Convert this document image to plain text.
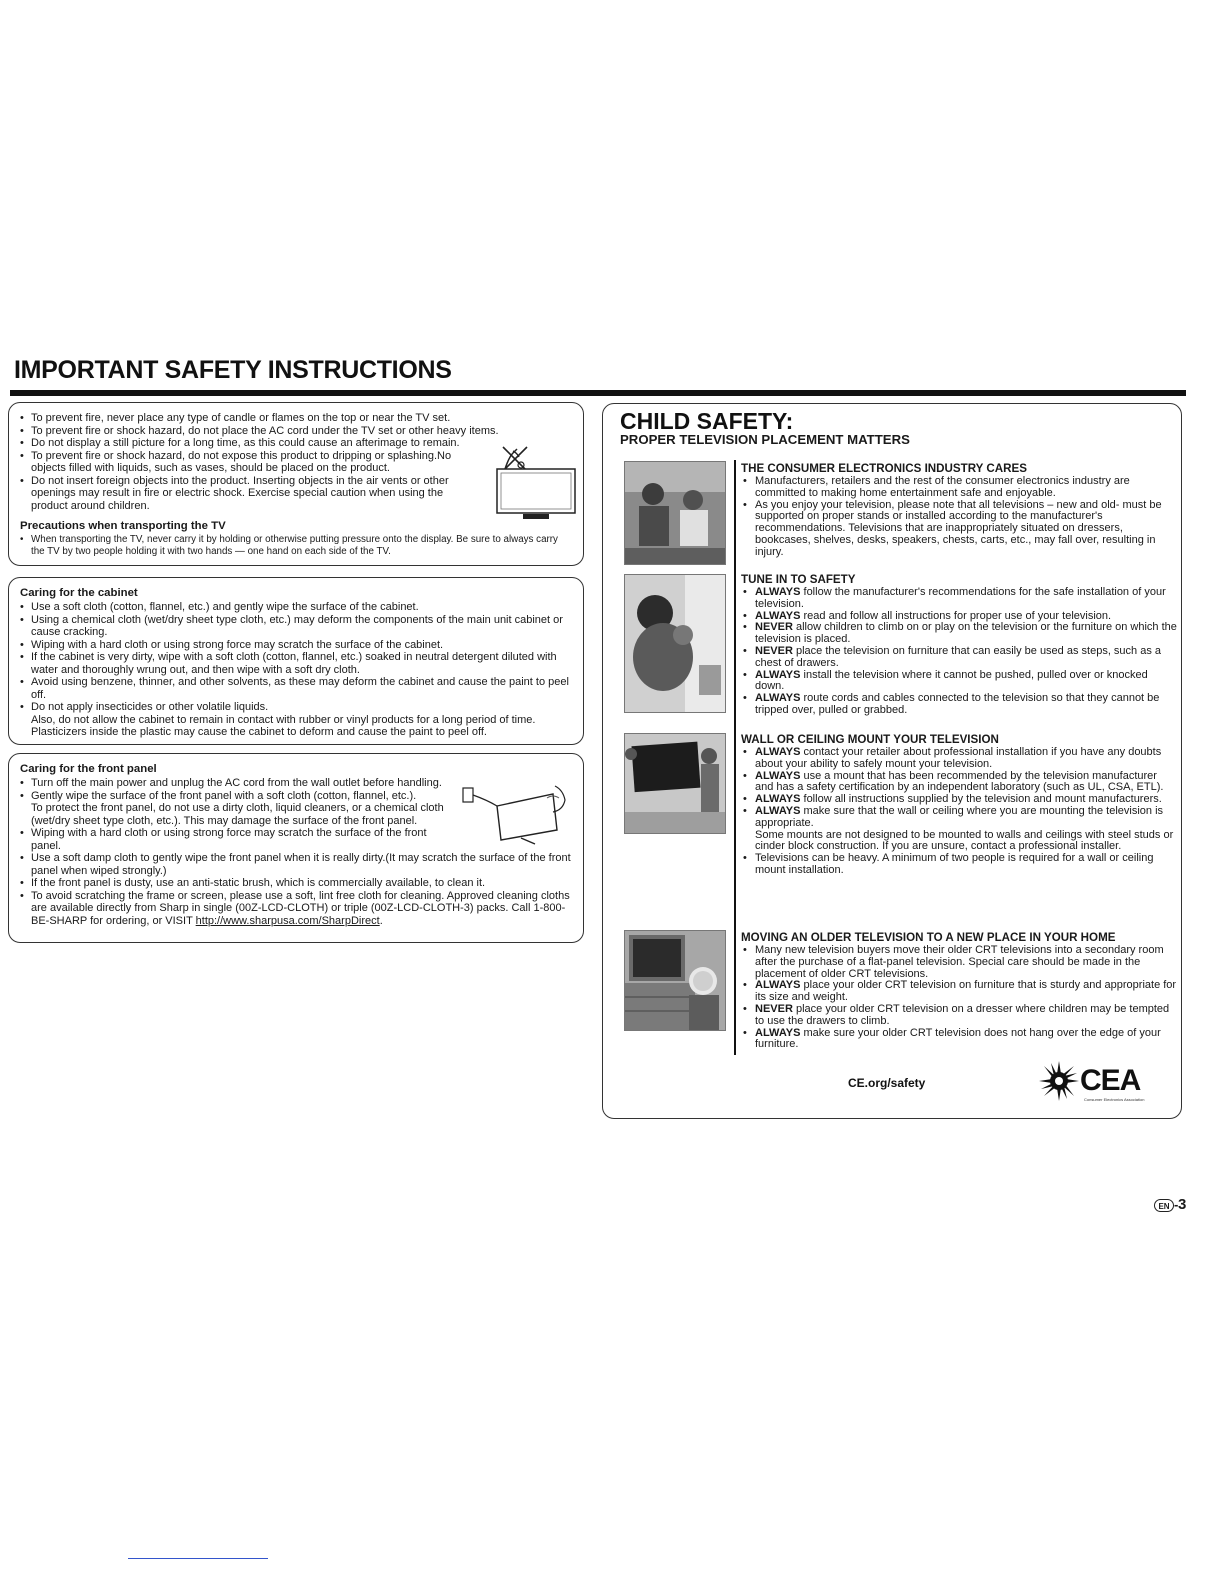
IMPORTANT SAFETY INSTRUCTIONS
• To prevent fire, never place any type of candle or flames on the top or near the TV set.
• To prevent fire or shock hazard, do not place the AC cord under the TV set or other heavy items.
• Do not display a still picture for a long time, as this could cause an afterimage to remain.
• To prevent fire or shock hazard, do not expose this product to dripping or splashing.No objects filled with liquids, such as vases, should be placed on the product.
• Do not insert foreign objects into the product. Inserting objects in the air vents or other openings may result in fire or electric shock. Exercise special caution when using the product around children.

Precautions when transporting the TV

• When transporting the TV, never carry it by holding or otherwise putting pressure onto the display. Be sure to always carry the TV by two people holding it with two hands — one hand on each side of the TV.

Caring for the cabinet

• Use a soft cloth (cotton, flannel, etc.) and gently wipe the surface of the cabinet.
• Using a chemical cloth (wet/dry sheet type cloth, etc.) may deform the components of the main unit cabinet or cause cracking.
• Wiping with a hard cloth or using strong force may scratch the surface of the cabinet.
• If the cabinet is very dirty, wipe with a soft cloth (cotton, flannel, etc.) soaked in neutral detergent diluted with water and thoroughly wrung out, and then wipe with a soft dry cloth.
• Avoid using benzene, thinner, and other solvents, as these may deform the cabinet and cause the paint to peel off.
• Do not apply insecticides or other volatile liquids.
Also, do not allow the cabinet to remain in contact with rubber or vinyl products for a long period of time. Plasticizers inside the plastic may cause the cabinet to deform and cause the paint to peel off.

Caring for the front panel

• Turn off the main power and unplug the AC cord from the wall outlet before handling.
• Gently wipe the surface of the front panel with a soft cloth (cotton, flannel, etc.).
To protect the front panel, do not use a dirty cloth, liquid cleaners, or a chemical cloth (wet/dry sheet type cloth, etc.). This may damage the surface of the front panel.
• Wiping with a hard cloth or using strong force may scratch the surface of the front panel.
• Use a soft damp cloth to gently wipe the front panel when it is really dirty.(It may scratch the surface of the front panel when wiped strongly.)
• If the front panel is dusty, use an anti-static brush, which is commercially available, to clean it.
• To avoid scratching the frame or screen, please use a soft, lint free cloth for cleaning. Approved cleaning cloths are available directly from Sharp in single (00Z-LCD-CLOTH) or triple (00Z-LCD-CLOTH-3) packs. Call 1-800-BE-SHARP for ordering, or VISIT http://www.sharpusa.com/SharpDirect.
CHILD SAFETY:
PROPER TELEVISION PLACEMENT MATTERS
THE CONSUMER ELECTRONICS INDUSTRY CARES
• Manufacturers, retailers and the rest of the consumer electronics industry are committed to making home entertainment safe and enjoyable.
• As you enjoy your television, please note that all televisions – new and old- must be supported on proper stands or installed according to the manufacturer's recommendations. Televisions that are inappropriately situated on dressers, bookcases, shelves, desks, speakers, chests, carts, etc., may fall over, resulting in injury.
TUNE IN TO SAFETY
• ALWAYS follow the manufacturer's recommendations for the safe installation of your television.
• ALWAYS read and follow all instructions for proper use of your television.
• NEVER allow children to climb on or play on the television or the furniture on which the television is placed.
• NEVER place the television on furniture that can easily be used as steps, such as a chest of drawers.
• ALWAYS install the television where it cannot be pushed, pulled over or knocked down.
• ALWAYS route cords and cables connected to the television so that they cannot be tripped over, pulled or grabbed.
WALL OR CEILING MOUNT YOUR TELEVISION
• ALWAYS contact your retailer about professional installation if you have any doubts about your ability to safely mount your television.
• ALWAYS use a mount that has been recommended by the television manufacturer and has a safety certification by an independent laboratory (such as UL, CSA, ETL).
• ALWAYS follow all instructions supplied by the television and mount manufacturers.
• ALWAYS make sure that the wall or ceiling where you are mounting the television is appropriate.
Some mounts are not designed to be mounted to walls and ceilings with steel studs or cinder block construction. If you are unsure, contact a professional installer.
• Televisions can be heavy. A minimum of two people is required for a wall or ceiling mount installation.
MOVING AN OLDER TELEVISION TO A NEW PLACE IN YOUR HOME
• Many new television buyers move their older CRT televisions into a secondary room after the purchase of a flat-panel television. Special care should be made in the placement of older CRT televisions.
• ALWAYS place your older CRT television on furniture that is sturdy and appropriate for its size and weight.
• NEVER place your older CRT television on a dresser where children may be tempted to use the drawers to climb.
• ALWAYS make sure your older CRT television does not hang over the edge of your furniture.
CE.org/safety	CEA

Consumer Electronics Association

EN - 3
